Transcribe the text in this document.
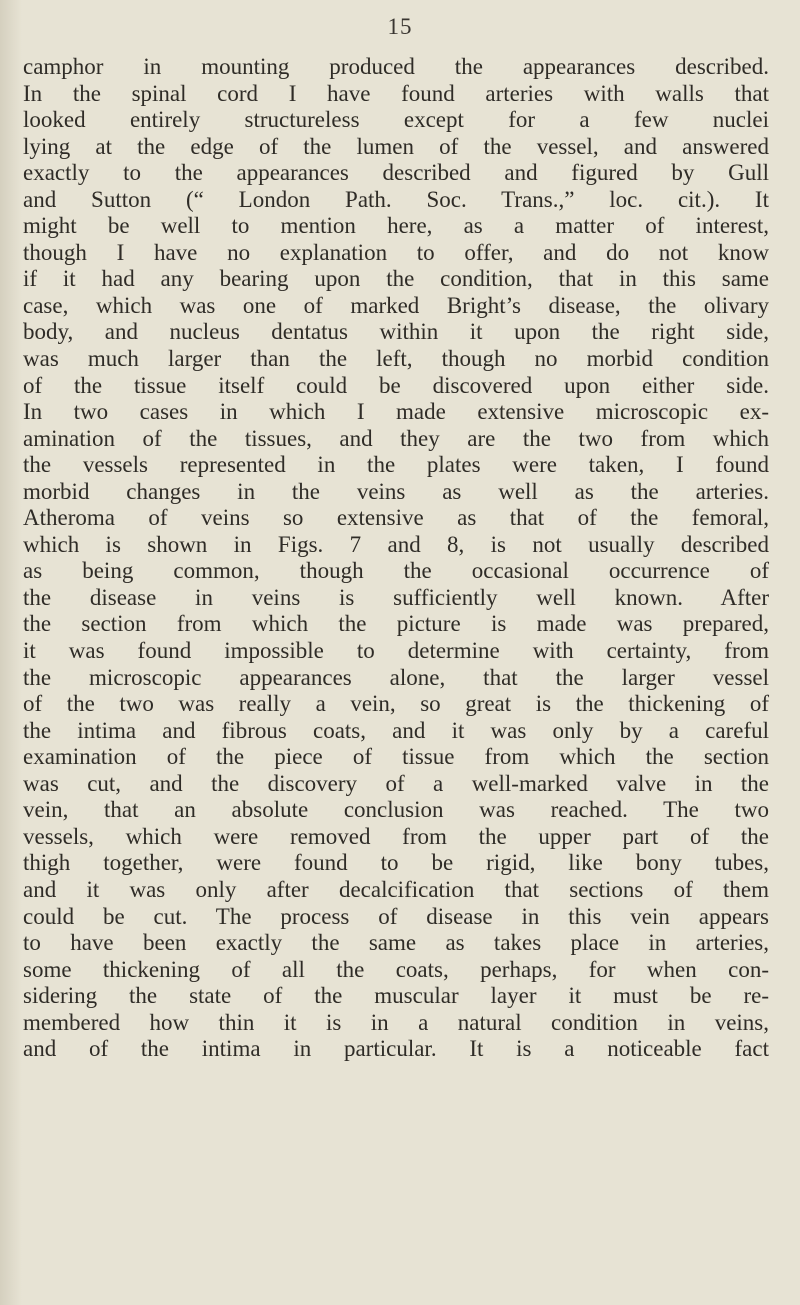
15
camphor in mounting produced the appearances described.
In the spinal cord I have found arteries with walls that
looked entirely structureless except for a few nuclei
lying at the edge of the lumen of the vessel, and answered
exactly to the appearances described and figured by Gull
and Sutton (“ London Path. Soc. Trans.,” loc. cit.). It
might be well to mention here, as a matter of interest,
though I have no explanation to offer, and do not know
if it had any bearing upon the condition, that in this same
case, which was one of marked Bright’s disease, the olivary
body, and nucleus dentatus within it upon the right side,
was much larger than the left, though no morbid condition
of the tissue itself could be discovered upon either side.
In two cases in which I made extensive microscopic ex-
amination of the tissues, and they are the two from which
the vessels represented in the plates were taken, I found
morbid changes in the veins as well as the arteries.
Atheroma of veins so extensive as that of the femoral,
which is shown in Figs. 7 and 8, is not usually described
as being common, though the occasional occurrence of
the disease in veins is sufficiently well known. After
the section from which the picture is made was prepared,
it was found impossible to determine with certainty, from
the microscopic appearances alone, that the larger vessel
of the two was really a vein, so great is the thickening of
the intima and fibrous coats, and it was only by a careful
examination of the piece of tissue from which the section
was cut, and the discovery of a well-marked valve in the
vein, that an absolute conclusion was reached. The two
vessels, which were removed from the upper part of the
thigh together, were found to be rigid, like bony tubes,
and it was only after decalcification that sections of them
could be cut. The process of disease in this vein appears
to have been exactly the same as takes place in arteries,
some thickening of all the coats, perhaps, for when con-
sidering the state of the muscular layer it must be re-
membered how thin it is in a natural condition in veins,
and of the intima in particular. It is a noticeable fact
